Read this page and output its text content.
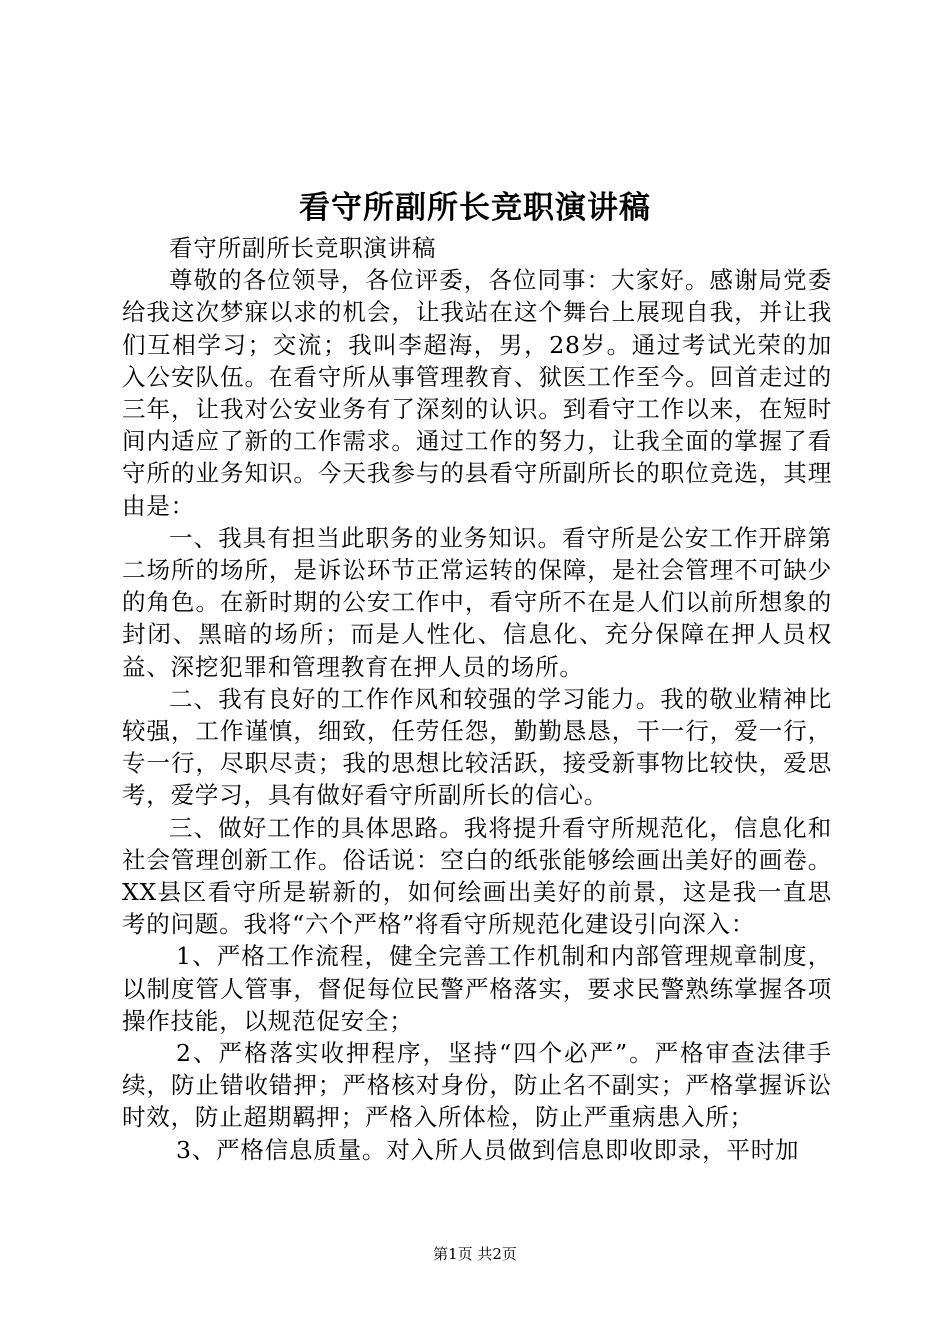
看守所副所长竞职演讲稿

看守所副所长竞职演讲稿

尊敬的各位领导，各位评委，各位同事：大家好。感谢局党委给我这次梦寐以求的机会，让我站在这个舞台上展现自我，并让我们互相学习；交流；我叫李超海，男，28岁。通过考试光荣的加入公安队伍。在看守所从事管理教育、狱医工作至今。回首走过的三年，让我对公安业务有了深刻的认识。到看守工作以来，在短时间内适应了新的工作需求。通过工作的努力，让我全面的掌握了看守所的业务知识。今天我参与的县看守所副所长的职位竞选，其理由是：

一、我具有担当此职务的业务知识。看守所是公安工作开辟第二场所的场所，是诉讼环节正常运转的保障，是社会管理不可缺少的角色。在新时期的公安工作中，看守所不在是人们以前所想象的封闭、黑暗的场所；而是人性化、信息化、充分保障在押人员权益、深挖犯罪和管理教育在押人员的场所。

二、我有良好的工作作风和较强的学习能力。我的敬业精神比较强，工作谨慎，细致，任劳任怨，勤勤恳恳，干一行，爱一行，专一行，尽职尽责；我的思想比较活跃，接受新事物比较快，爱思考，爱学习，具有做好看守所副所长的信心。

三、做好工作的具体思路。我将提升看守所规范化，信息化和社会管理创新工作。俗话说：空白的纸张能够绘画出美好的画卷。XX县区看守所是崭新的，如何绘画出美好的前景，这是我一直思考的问题。我将“六个严格”将看守所规范化建设引向深入：

1、严格工作流程，健全完善工作机制和内部管理规章制度，以制度管人管事，督促每位民警严格落实，要求民警熟练掌握各项操作技能，以规范促安全；

2、严格落实收押程序，坚持“四个必严”。严格审查法律手续，防止错收错押；严格核对身份，防止名不副实；严格掌握诉讼时效，防止超期羁押；严格入所体检，防止严重病患入所；

3、严格信息质量。对入所人员做到信息即收即录，平时加

第1页 共2页
